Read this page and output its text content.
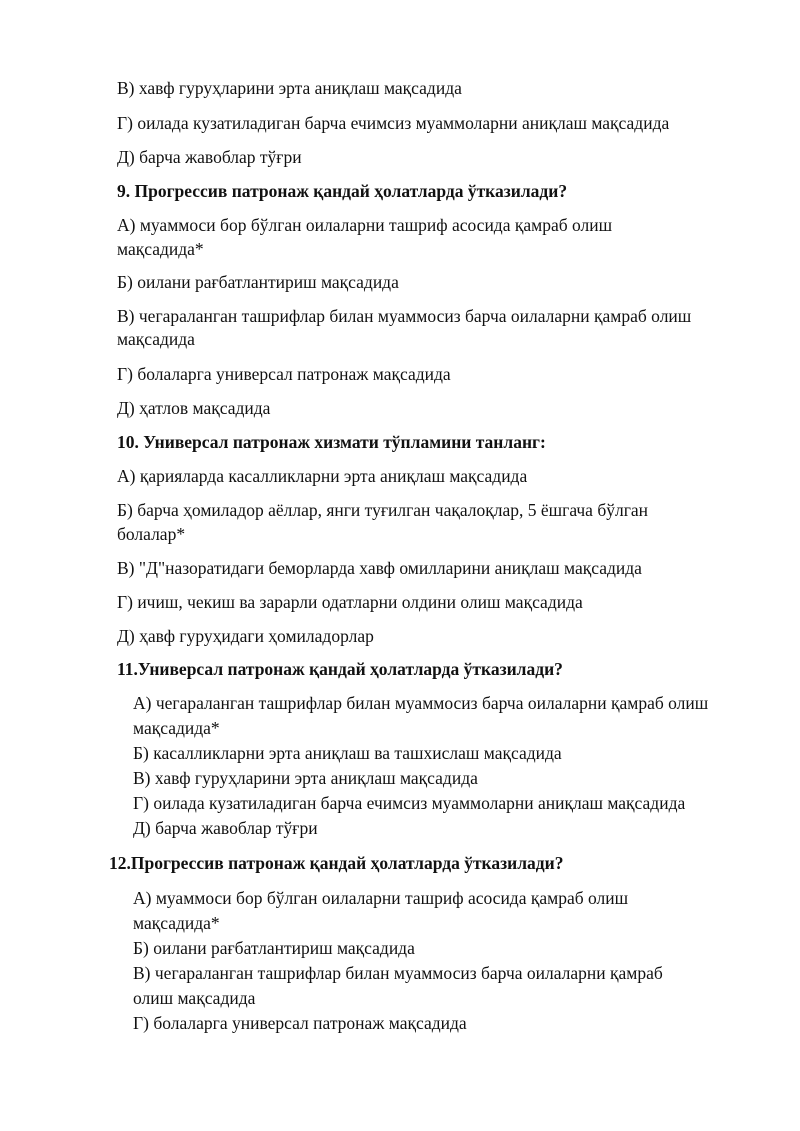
В) хавф гуруҳларини эрта аниқлаш мақсадида
Г) оилада кузатиладиган барча ечимсиз муаммоларни аниқлаш мақсадида
Д) барча жавоблар тўғри
9. Прогрессив патронаж қандай ҳолатларда ўтказилади?
А) муаммоси бор бўлган оилаларни ташриф асосида қамраб олиш
мақсадида*
Б) оилани рағбатлантириш мақсадида
В) чегараланган ташрифлар билан муаммосиз барча оилаларни қамраб олиш
мақсадида
Г) болаларга универсал патронаж мақсадида
Д) ҳатлов мақсадида
10. Универсал патронаж хизмати тўпламини танланг:
А) қарияларда касалликларни эрта аниқлаш мақсадида
Б) барча ҳомиладор аёллар, янги туғилган чақалоқлар, 5 ёшгача бўлган
болалар*
В) "Д"назоратидаги беморларда хавф омилларини аниқлаш мақсадида
Г) ичиш, чекиш ва зарарли одатларни олдини олиш мақсадида
Д) ҳавф гуруҳидаги ҳомиладорлар
11.Универсал патронаж қандай ҳолатларда ўтказилади?
А) чегараланган ташрифлар билан муаммосиз барча оилаларни қамраб олиш
мақсадида*
Б) касалликларни эрта аниқлаш ва ташхислаш мақсадида
В) хавф гуруҳларини эрта аниқлаш мақсадида
Г) оилада кузатиладиган барча ечимсиз муаммоларни аниқлаш мақсадида
Д) барча жавоблар тўғри
12.Прогрессив патронаж қандай ҳолатларда ўтказилади?
А) муаммоси бор бўлган оилаларни ташриф асосида қамраб олиш
мақсадида*
Б) оилани рағбатлантириш мақсадида
В) чегараланган ташрифлар билан муаммосиз барча оилаларни қамраб
олиш мақсадида
Г) болаларга универсал патронаж мақсадида
